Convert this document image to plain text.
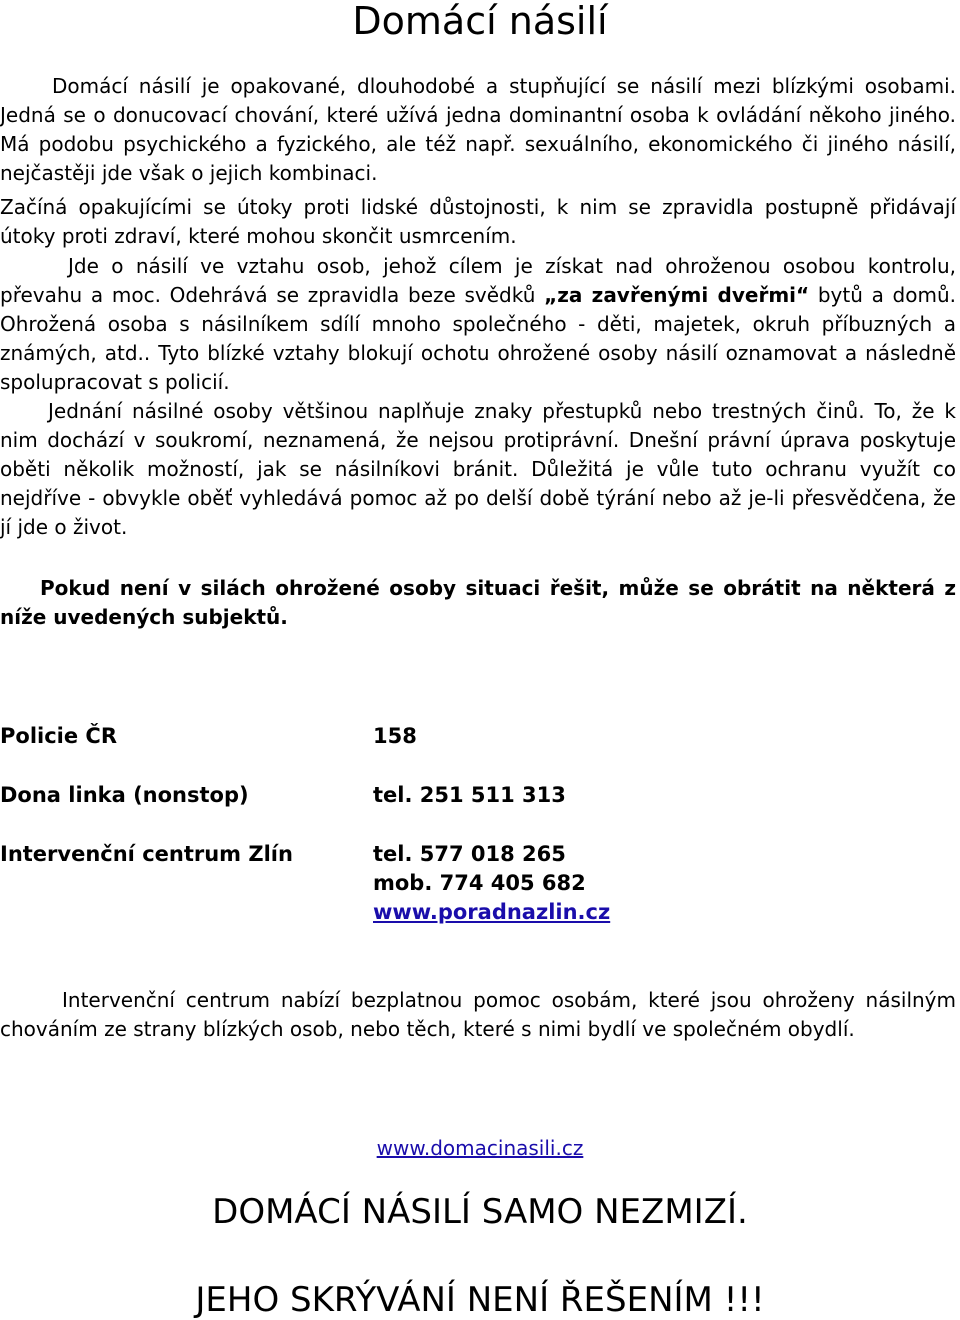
Domácí násilí

Domácí násilí je opakované, dlouhodobé a stupňující se násilí mezi blízkými osobami. Jedná se o donucovací chování, které užívá jedna dominantní osoba k ovládání někoho jiného. Má podobu psychického a fyzického, ale též např. sexuálního, ekonomického či jiného násilí, nejčastěji jde však o jejich kombinaci.

Začíná opakujícími se útoky proti lidské důstojnosti, k nim se zpravidla postupně přidávají útoky proti zdraví, které mohou skončit usmrcením.

Jde o násilí ve vztahu osob, jehož cílem je získat nad ohroženou osobou kontrolu, převahu a moc. Odehrává se zpravidla beze svědků „za zavřenými dveřmi“ bytů a domů. Ohrožená osoba s násilníkem sdílí mnoho společného - děti, majetek, okruh příbuzných a známých, atd.. Tyto blízké vztahy blokují ochotu ohrožené osoby násilí oznamovat a následně spolupracovat s policií.

Jednání násilné osoby většinou naplňuje znaky přestupků nebo trestných činů. To, že k nim dochází v soukromí, neznamená, že nejsou protiprávní. Dnešní právní úprava poskytuje oběti několik možností, jak se násilníkovi bránit. Důležitá je vůle tuto ochranu využít co nejdříve - obvykle oběť vyhledává pomoc až po delší době týrání nebo až je-li přesvědčena, že jí jde o život.

Pokud není v silách ohrožené osoby situaci řešit, může se obrátit na některá z níže uvedených subjektů.

Policie ČR	158
Dona linka (nonstop)	tel. 251 511 313
Intervenční centrum Zlín	tel. 577 018 265
mob. 774 405 682
www.poradnazlin.cz

Intervenční centrum nabízí bezplatnou pomoc osobám, které jsou ohroženy násilným chováním ze strany blízkých osob, nebo těch, které s nimi bydlí ve společném obydlí.

www.domacinasili.cz

DOMÁCÍ NÁSILÍ SAMO NEZMIZÍ.

JEHO SKRÝVÁNÍ NENÍ ŘEŠENÍM !!!
